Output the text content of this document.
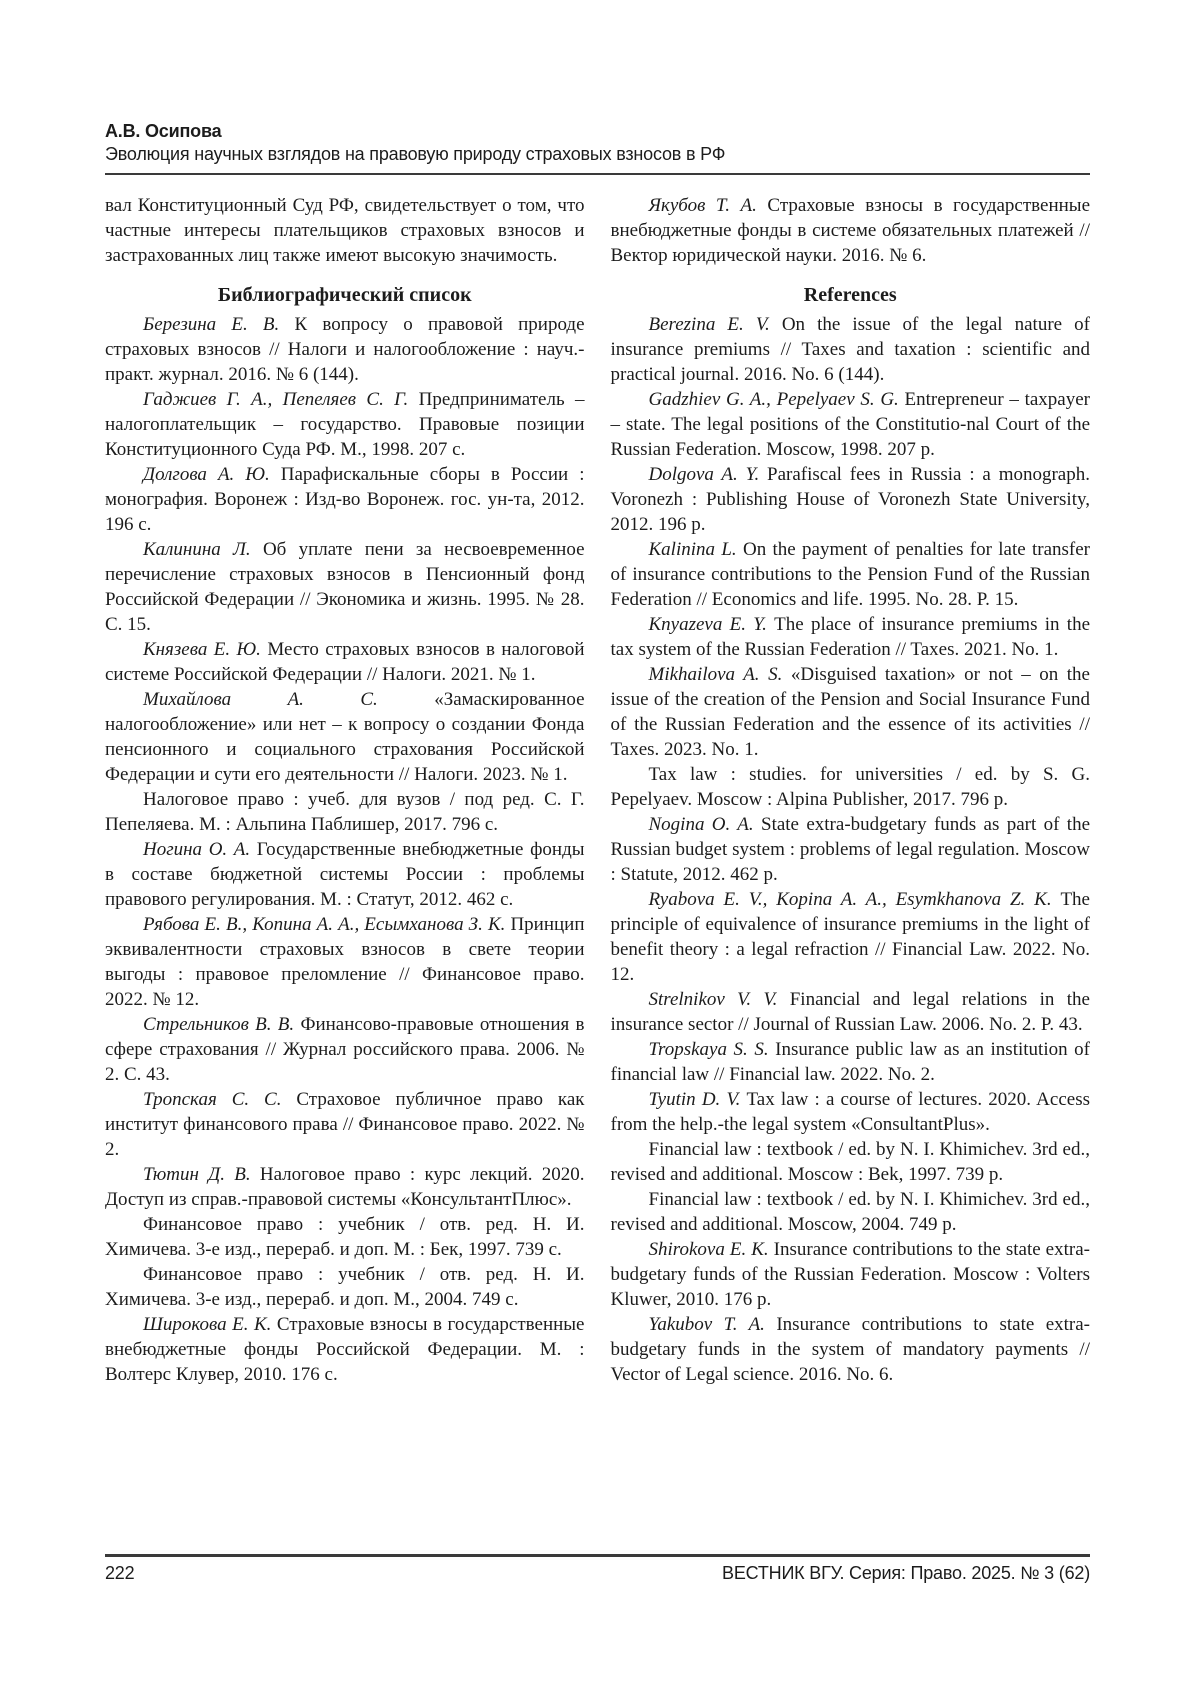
А.В. Осипова
Эволюция научных взглядов на правовую природу страховых взносов в РФ

вал Конституционный Суд РФ, свидетельствует о том, что частные интересы плательщиков страховых взносов и застрахованных лиц также имеют высокую значимость.

Библиографический список

Березина Е. В. К вопросу о правовой природе страховых взносов // Налоги и налогообложение : науч.-практ. журнал. 2016. № 6 (144).

Гаджиев Г. А., Пепеляев С. Г. Предприниматель – налогоплательщик – государство. Правовые позиции Конституционного Суда РФ. М., 1998. 207 с.

Долгова А. Ю. Парафискальные сборы в России : монография. Воронеж : Изд-во Воронеж. гос. ун-та, 2012. 196 с.

Калинина Л. Об уплате пени за несвоевременное перечисление страховых взносов в Пенсионный фонд Российской Федерации // Экономика и жизнь. 1995. № 28. С. 15.

Князева Е. Ю. Место страховых взносов в налоговой системе Российской Федерации // Налоги. 2021. № 1.

Михайлова А. С. «Замаскированное налогообложение» или нет – к вопросу о создании Фонда пенсионного и социального страхования Российской Федерации и сути его деятельности // Налоги. 2023. № 1.

Налоговое право : учеб. для вузов / под ред. С. Г. Пепеляева. М. : Альпина Паблишер, 2017. 796 с.

Ногина О. А. Государственные внебюджетные фонды в составе бюджетной системы России : проблемы правового регулирования. М. : Статут, 2012. 462 с.

Рябова Е. В., Копина А. А., Есымханова З. К. Принцип эквивалентности страховых взносов в свете теории выгоды : правовое преломление // Финансовое право. 2022. № 12.

Стрельников В. В. Финансово-правовые отношения в сфере страхования // Журнал российского права. 2006. № 2. С. 43.

Тропская С. С. Страховое публичное право как институт финансового права // Финансовое право. 2022. № 2.

Тютин Д. В. Налоговое право : курс лекций. 2020. Доступ из справ.-правовой системы «КонсультантПлюс».

Финансовое право : учебник / отв. ред. Н. И. Химичева. 3-е изд., перераб. и доп. М. : Бек, 1997. 739 с.

Финансовое право : учебник / отв. ред. Н. И. Химичева. 3-е изд., перераб. и доп. М., 2004. 749 с.

Широкова Е. К. Страховые взносы в государственные внебюджетные фонды Российской Федерации. М. : Волтерс Клувер, 2010. 176 с.

Якубов Т. А. Страховые взносы в государственные внебюджетные фонды в системе обязательных платежей // Вектор юридической науки. 2016. № 6.

References

Berezina E. V. On the issue of the legal nature of insurance premiums // Taxes and taxation : scientific and practical journal. 2016. No. 6 (144).

Gadzhiev G. A., Pepelyaev S. G. Entrepreneur – taxpayer – state. The legal positions of the Constitutio-nal Court of the Russian Federation. Moscow, 1998. 207 p.

Dolgova A. Y. Parafiscal fees in Russia : a monograph. Voronezh : Publishing House of Voronezh State University, 2012. 196 p.

Kalinina L. On the payment of penalties for late transfer of insurance contributions to the Pension Fund of the Russian Federation // Economics and life. 1995. No. 28. P. 15.

Knyazeva E. Y. The place of insurance premiums in the tax system of the Russian Federation // Taxes. 2021. No. 1.

Mikhailova A. S. «Disguised taxation» or not – on the issue of the creation of the Pension and Social Insurance Fund of the Russian Federation and the essence of its activities // Taxes. 2023. No. 1.

Tax law : studies. for universities / ed. by S. G. Pepelyaev. Moscow : Alpina Publisher, 2017. 796 p.

Nogina O. A. State extra-budgetary funds as part of the Russian budget system : problems of legal regulation. Moscow : Statute, 2012. 462 p.

Ryabova E. V., Kopina A. A., Esymkhanova Z. K. The principle of equivalence of insurance premiums in the light of benefit theory : a legal refraction // Financial Law. 2022. No. 12.

Strelnikov V. V. Financial and legal relations in the insurance sector // Journal of Russian Law. 2006. No. 2. P. 43.

Tropskaya S. S. Insurance public law as an institution of financial law // Financial law. 2022. No. 2.

Tyutin D. V. Tax law : a course of lectures. 2020. Access from the help.-the legal system «ConsultantPlus».

Financial law : textbook / ed. by N. I. Khimichev. 3rd ed., revised and additional. Moscow : Bek, 1997. 739 p.

Financial law : textbook / ed. by N. I. Khimichev. 3rd ed., revised and additional. Moscow, 2004. 749 p.

Shirokova E. K. Insurance contributions to the state extra-budgetary funds of the Russian Federation. Moscow : Volters Kluwer, 2010. 176 p.

Yakubov T. A. Insurance contributions to state extra-budgetary funds in the system of mandatory payments // Vector of Legal science. 2016. No. 6.

222	ВЕСТНИК ВГУ. Серия: Право. 2025. № 3 (62)
